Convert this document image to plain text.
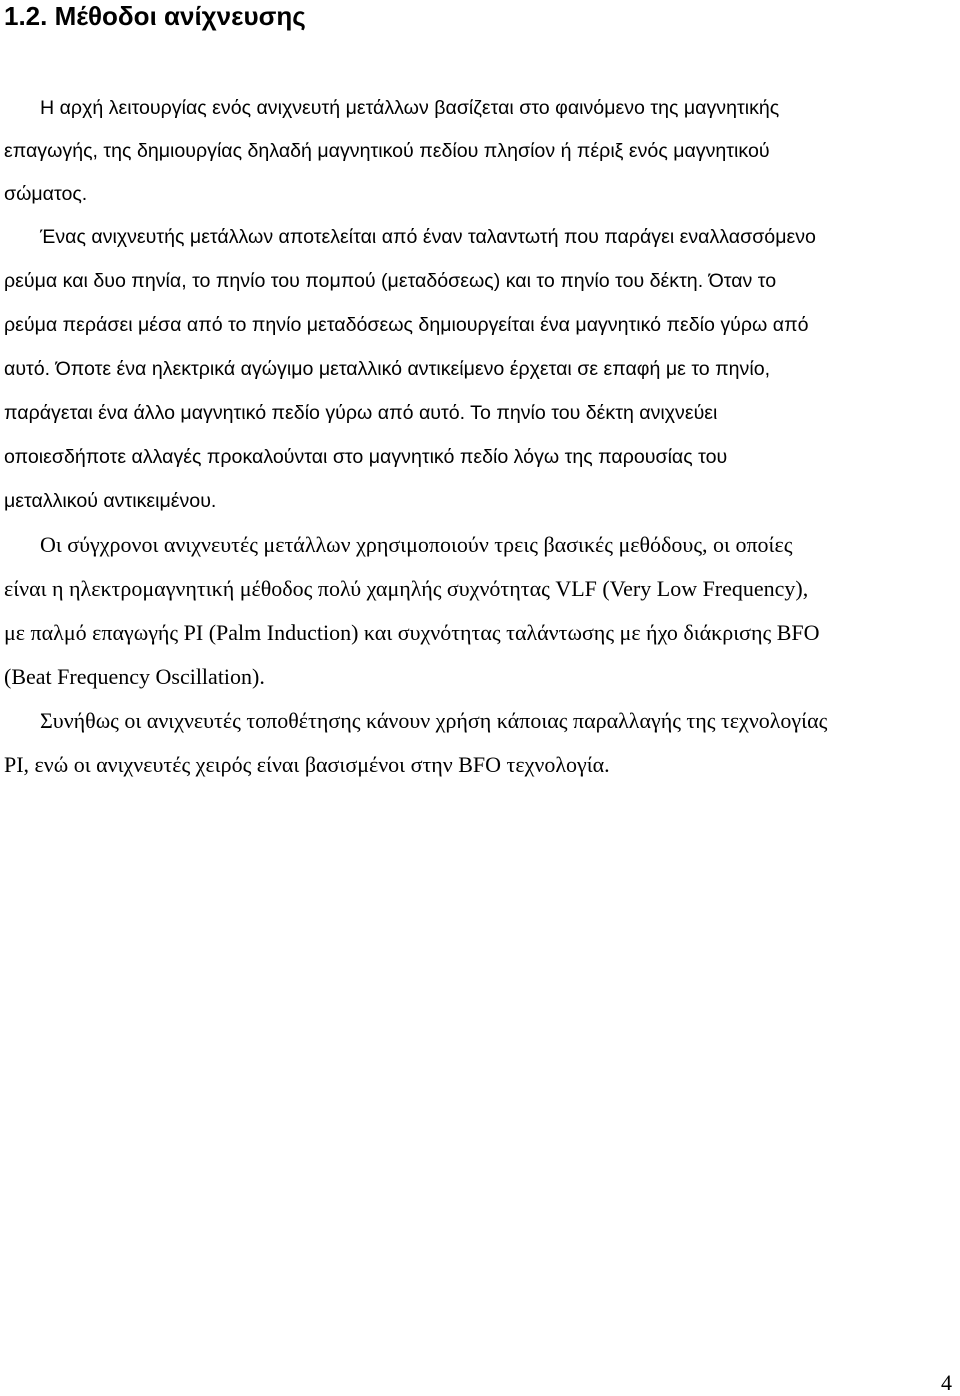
1.2. Μέθοδοι ανίχνευσης

Η αρχή λειτουργίας ενός ανιχνευτή μετάλλων βασίζεται στο φαινόμενο της μαγνητικής

επαγωγής, της δημιουργίας δηλαδή μαγνητικού πεδίου πλησίον ή πέριξ ενός μαγνητικού

σώματος.

Ένας ανιχνευτής μετάλλων αποτελείται από έναν ταλαντωτή που παράγει εναλλασσόμενο

ρεύμα και δυο πηνία, το πηνίο του πομπού (μεταδόσεως) και το πηνίο του δέκτη. Όταν το

ρεύμα περάσει μέσα από το πηνίο μεταδόσεως δημιουργείται ένα μαγνητικό πεδίο γύρω από

αυτό. Όποτε ένα ηλεκτρικά αγώγιμο μεταλλικό αντικείμενο έρχεται σε επαφή με το πηνίο,

παράγεται ένα άλλο μαγνητικό πεδίο γύρω από αυτό. Το πηνίο του δέκτη ανιχνεύει

οποιεσδήποτε αλλαγές προκαλούνται στο μαγνητικό πεδίο λόγω της παρουσίας του

μεταλλικού αντικειμένου.

Οι σύγχρονοι ανιχνευτές μετάλλων χρησιμοποιούν τρεις βασικές μεθόδους, οι οποίες

είναι η ηλεκτρομαγνητική μέθοδος πολύ χαμηλής συχνότητας VLF (Very Low Frequency),

με παλμό επαγωγής PI (Palm Induction) και συχνότητας ταλάντωσης με ήχο διάκρισης BFO

(Beat Frequency Oscillation).

Συνήθως οι ανιχνευτές τοποθέτησης κάνουν χρήση κάποιας παραλλαγής της τεχνολογίας

PI, ενώ οι ανιχνευτές χειρός είναι βασισμένοι στην BFO τεχνολογία.

4
